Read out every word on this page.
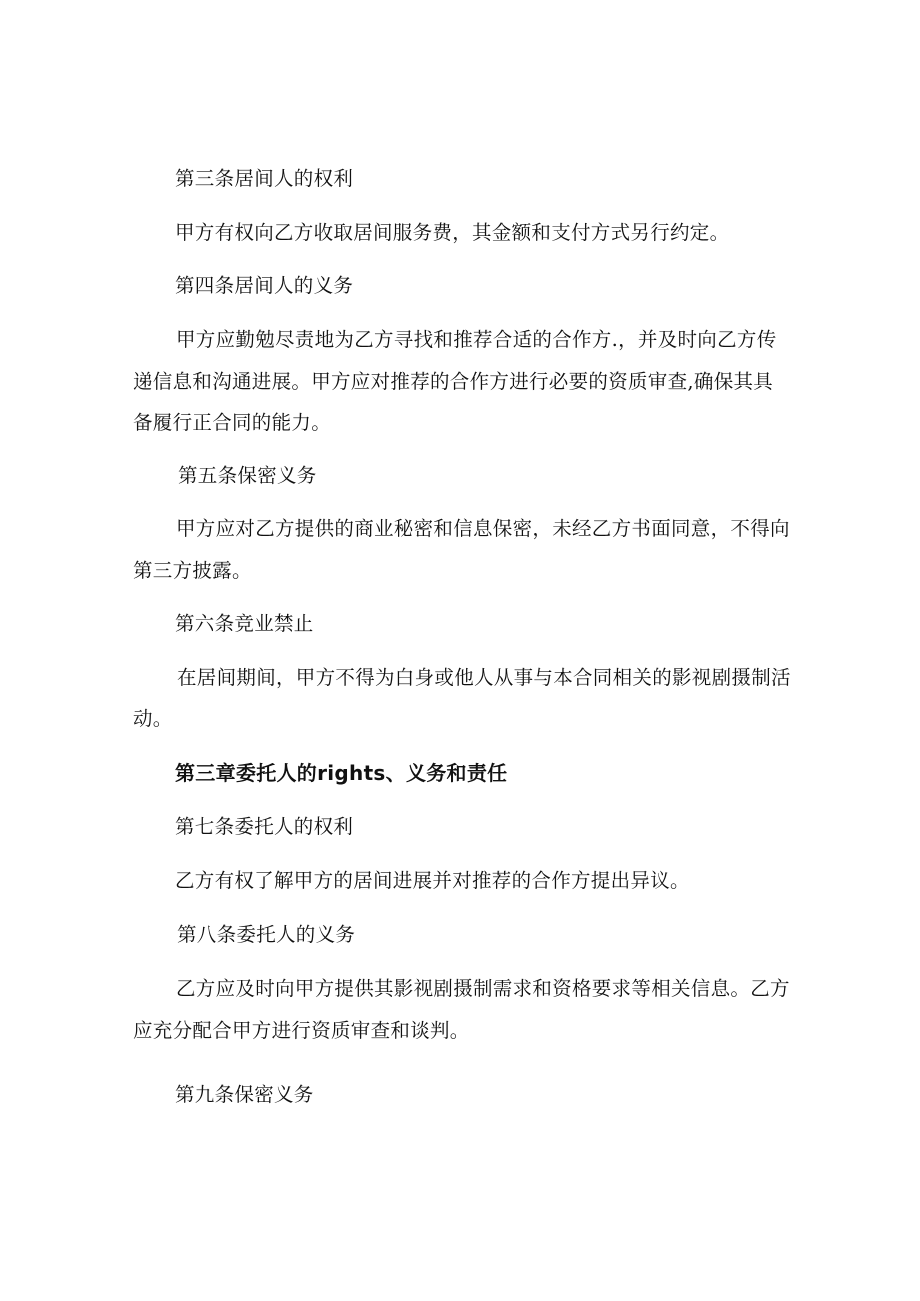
第三条居间人的权利

甲方有权向乙方收取居间服务费，其金额和支付方式另行约定。

第四条居间人的义务

甲方应勤勉尽责地为乙方寻找和推荐合适的合作方.，并及时向乙方传

递信息和沟通进展。甲方应对推荐的合作方进行必要的资质审查,确保其具

备履行正合同的能力。

第五条保密义务

甲方应对乙方提供的商业秘密和信息保密，未经乙方书面同意，不得向

第三方披露。

第六条竞业禁止

在居间期间，甲方不得为白身或他人从事与本合同相关的影视剧摄制活

动。

第三章委托人的rights、义务和责任

第七条委托人的权利

乙方有权了解甲方的居间进展并对推荐的合作方提出异议。

第八条委托人的义务

乙方应及时向甲方提供其影视剧摄制需求和资格要求等相关信息。乙方

应充分配合甲方进行资质审查和谈判。

第九条保密义务
